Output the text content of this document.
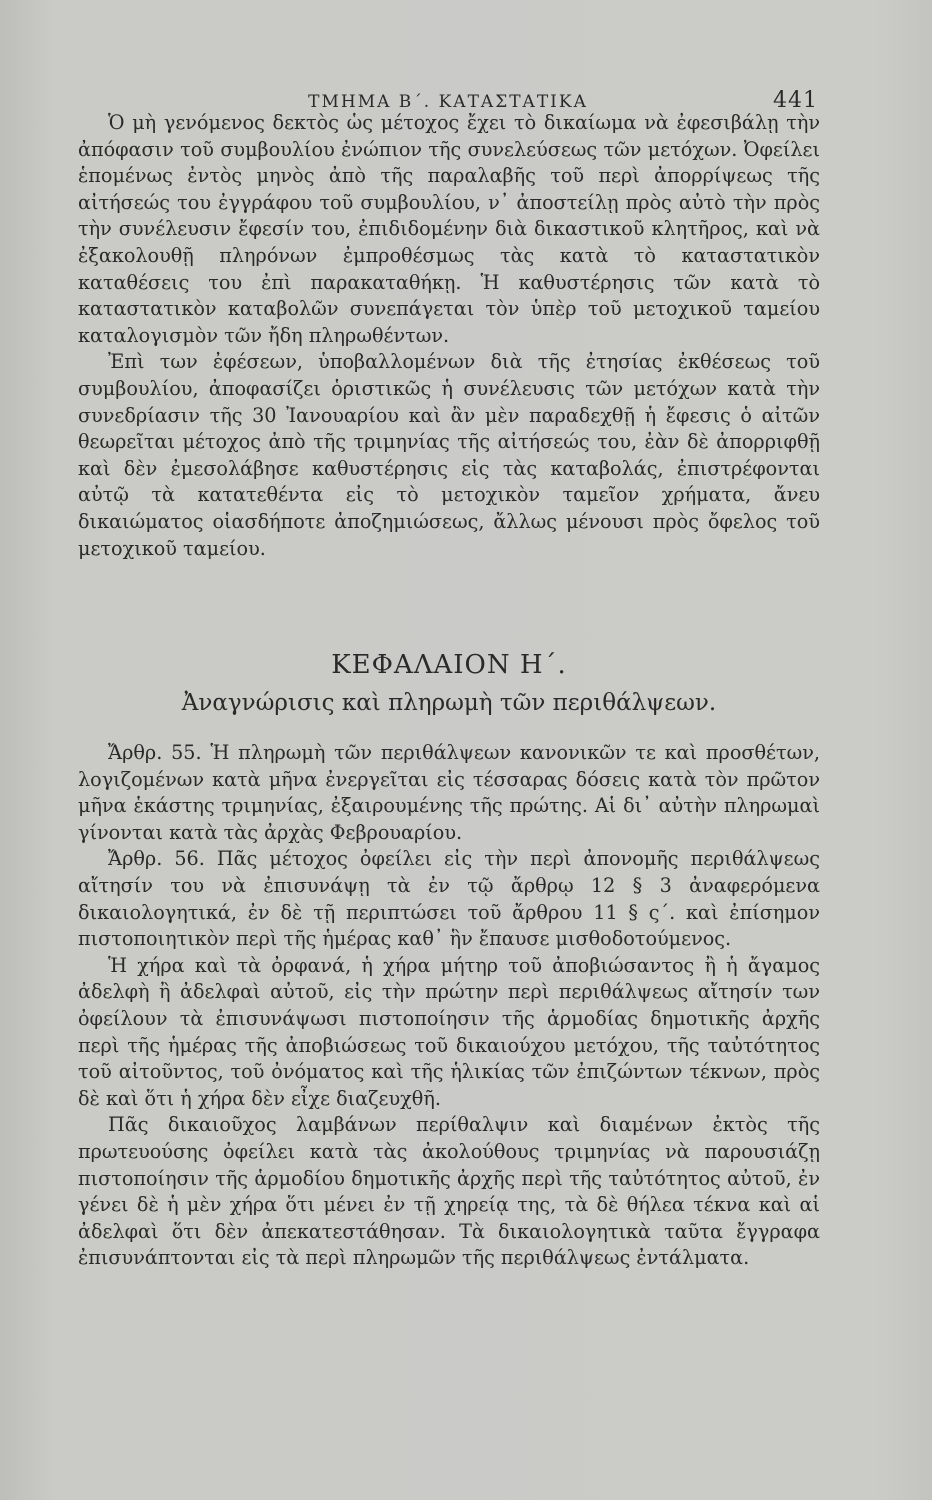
ΤΜΗΜΑ Β΄. ΚΑΤΑΣΤΑΤΙΚΑ	441

Ὁ μὴ γενόμενος δεκτὸς ὡς μέτοχος ἔχει τὸ δικαίωμα νὰ ἐφεσιβάλῃ τὴν ἀπόφασιν τοῦ συμβουλίου ἐνώπιον τῆς συνελεύσεως τῶν μετόχων. Ὀφείλει ἑπομένως ἐντὸς μηνὸς ἀπὸ τῆς παραλαβῆς τοῦ περὶ ἀπορρίψεως τῆς αἰτήσεώς του ἐγγράφου τοῦ συμβουλίου, ν᾽ ἀποστείλῃ πρὸς αὐτὸ τὴν πρὸς τὴν συνέλευσιν ἔφεσίν του, ἐπιδιδομένην διὰ δικαστικοῦ κλητῆρος, καὶ νὰ ἐξακολουθῇ πληρόνων ἐμπροθέσμως τὰς κατὰ τὸ καταστατικὸν καταθέσεις του ἐπὶ παρακαταθήκῃ. Ἡ καθυστέρησις τῶν κατὰ τὸ καταστατικὸν καταβολῶν συνεπάγεται τὸν ὑπὲρ τοῦ μετοχικοῦ ταμείου καταλογισμὸν τῶν ἤδη πληρωθέντων.

Ἐπὶ των ἐφέσεων, ὑποβαλλομένων διὰ τῆς ἐτησίας ἐκθέσεως τοῦ συμβουλίου, ἀποφασίζει ὁριστικῶς ἡ συνέλευσις τῶν μετόχων κατὰ τὴν συνεδρίασιν τῆς 30 Ἰανουαρίου καὶ ἂν μὲν παραδεχθῇ ἡ ἔφεσις ὁ αἰτῶν θεωρεῖται μέτοχος ἀπὸ τῆς τριμηνίας τῆς αἰτήσεώς του, ἐὰν δὲ ἀπορριφθῇ καὶ δὲν ἐμεσολάβησε καθυστέρησις εἰς τὰς καταβολάς, ἐπιστρέφονται αὐτῷ τὰ κατατεθέντα εἰς τὸ μετοχικὸν ταμεῖον χρήματα, ἄνευ δικαιώματος οἱασδήποτε ἀποζημιώσεως, ἄλλως μένουσι πρὸς ὄφελος τοῦ μετοχικοῦ ταμείου.

ΚΕΦΑΛΑΙΟΝ Η΄.
Ἀναγνώρισις καὶ πληρωμὴ τῶν περιθάλψεων.

Ἄρθρ. 55. Ἡ πληρωμὴ τῶν περιθάλψεων κανονικῶν τε καὶ προσθέτων, λογιζομένων κατὰ μῆνα ἐνεργεῖται εἰς τέσσαρας δόσεις κατὰ τὸν πρῶτον μῆνα ἑκάστης τριμηνίας, ἐξαιρουμένης τῆς πρώτης. Αἱ δι᾽ αὐτὴν πληρωμαὶ γίνονται κατὰ τὰς ἀρχὰς Φεβρουαρίου.

Ἄρθρ. 56. Πᾶς μέτοχος ὀφείλει εἰς τὴν περὶ ἀπονομῆς περιθάλψεως αἴτησίν του νὰ ἐπισυνάψῃ τὰ ἐν τῷ ἄρθρῳ 12 § 3 ἀναφερόμενα δικαιολογητικά, ἐν δὲ τῇ περιπτώσει τοῦ ἄρθρου 11 § ς΄. καὶ ἐπίσημον πιστοποιητικὸν περὶ τῆς ἡμέρας καθ᾽ ἣν ἔπαυσε μισθοδοτούμενος.

Ἡ χήρα καὶ τὰ ὀρφανά, ἡ χήρα μήτηρ τοῦ ἀποβιώσαντος ἢ ἡ ἄγαμος ἀδελφὴ ἢ ἀδελφαὶ αὐτοῦ, εἰς τὴν πρώτην περὶ περιθάλψεως αἴτησίν των ὀφείλουν τὰ ἐπισυνάψωσι πιστοποίησιν τῆς ἁρμοδίας δημοτικῆς ἀρχῆς περὶ τῆς ἡμέρας τῆς ἀποβιώσεως τοῦ δικαιούχου μετόχου, τῆς ταὐτότητος τοῦ αἰτοῦντος, τοῦ ὀνόματος καὶ τῆς ἡλικίας τῶν ἐπιζώντων τέκνων, πρὸς δὲ καὶ ὅτι ἡ χήρα δὲν εἶχε διαζευχθῆ.

Πᾶς δικαιοῦχος λαμβάνων περίθαλψιν καὶ διαμένων ἐκτὸς τῆς πρωτευούσης ὀφείλει κατὰ τὰς ἀκολούθους τριμηνίας νὰ παρουσιάζῃ πιστοποίησιν τῆς ἁρμοδίου δημοτικῆς ἀρχῆς περὶ τῆς ταὐτότητος αὐτοῦ, ἐν γένει δὲ ἡ μὲν χήρα ὅτι μένει ἐν τῇ χηρείᾳ της, τὰ δὲ θήλεα τέκνα καὶ αἱ ἀδελφαὶ ὅτι δὲν ἀπεκατεστάθησαν. Τὰ δικαιολογητικὰ ταῦτα ἔγγραφα ἐπισυνάπτονται εἰς τὰ περὶ πληρωμῶν τῆς περιθάλψεως ἐντάλματα.
